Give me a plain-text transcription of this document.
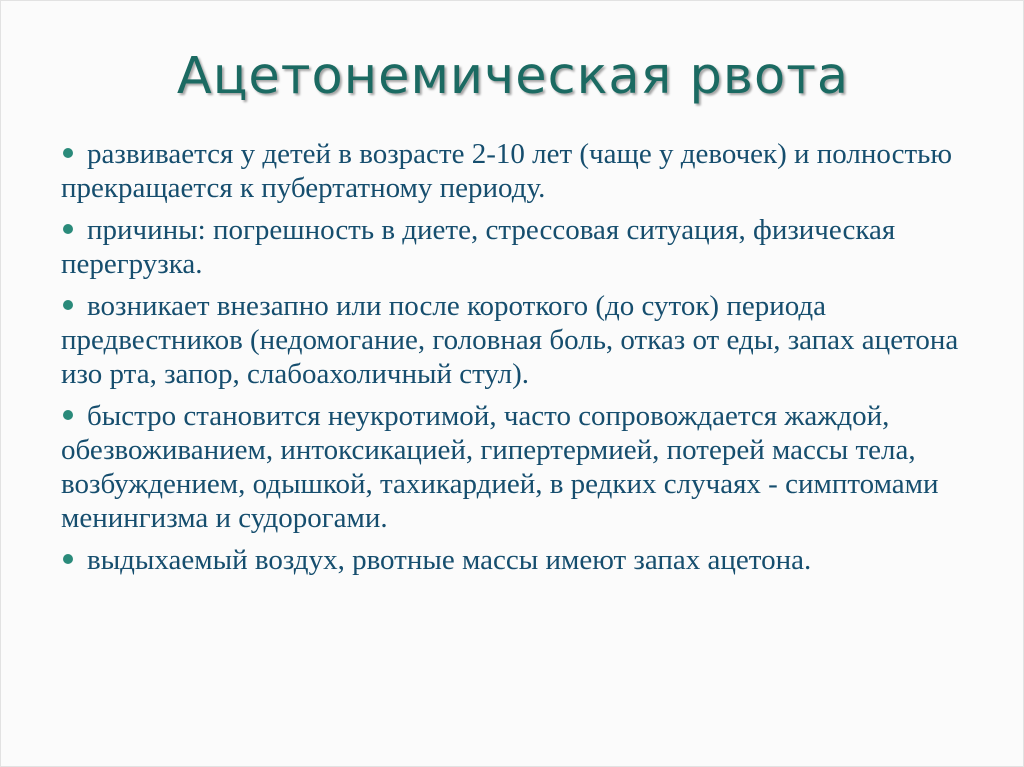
Ацетонемическая рвота
развивается у детей в возрасте 2-10 лет (чаще у девочек) и полностью прекращается к пубертатному периоду.
причины: погрешность в диете, стрессовая ситуация, физическая перегрузка.
возникает внезапно или после короткого (до суток) периода предвестников (недомогание, головная боль, отказ от еды, запах ацетона изо рта, запор, слабоахоличный стул).
быстро становится неукротимой, часто сопровождается жаждой, обезвоживанием, интоксикацией, гипертермией, потерей массы тела, возбуждением, одышкой, тахикардией, в редких случаях - симптомами менингизма и судорогами.
выдыхаемый воздух, рвотные массы имеют запах ацетона.
